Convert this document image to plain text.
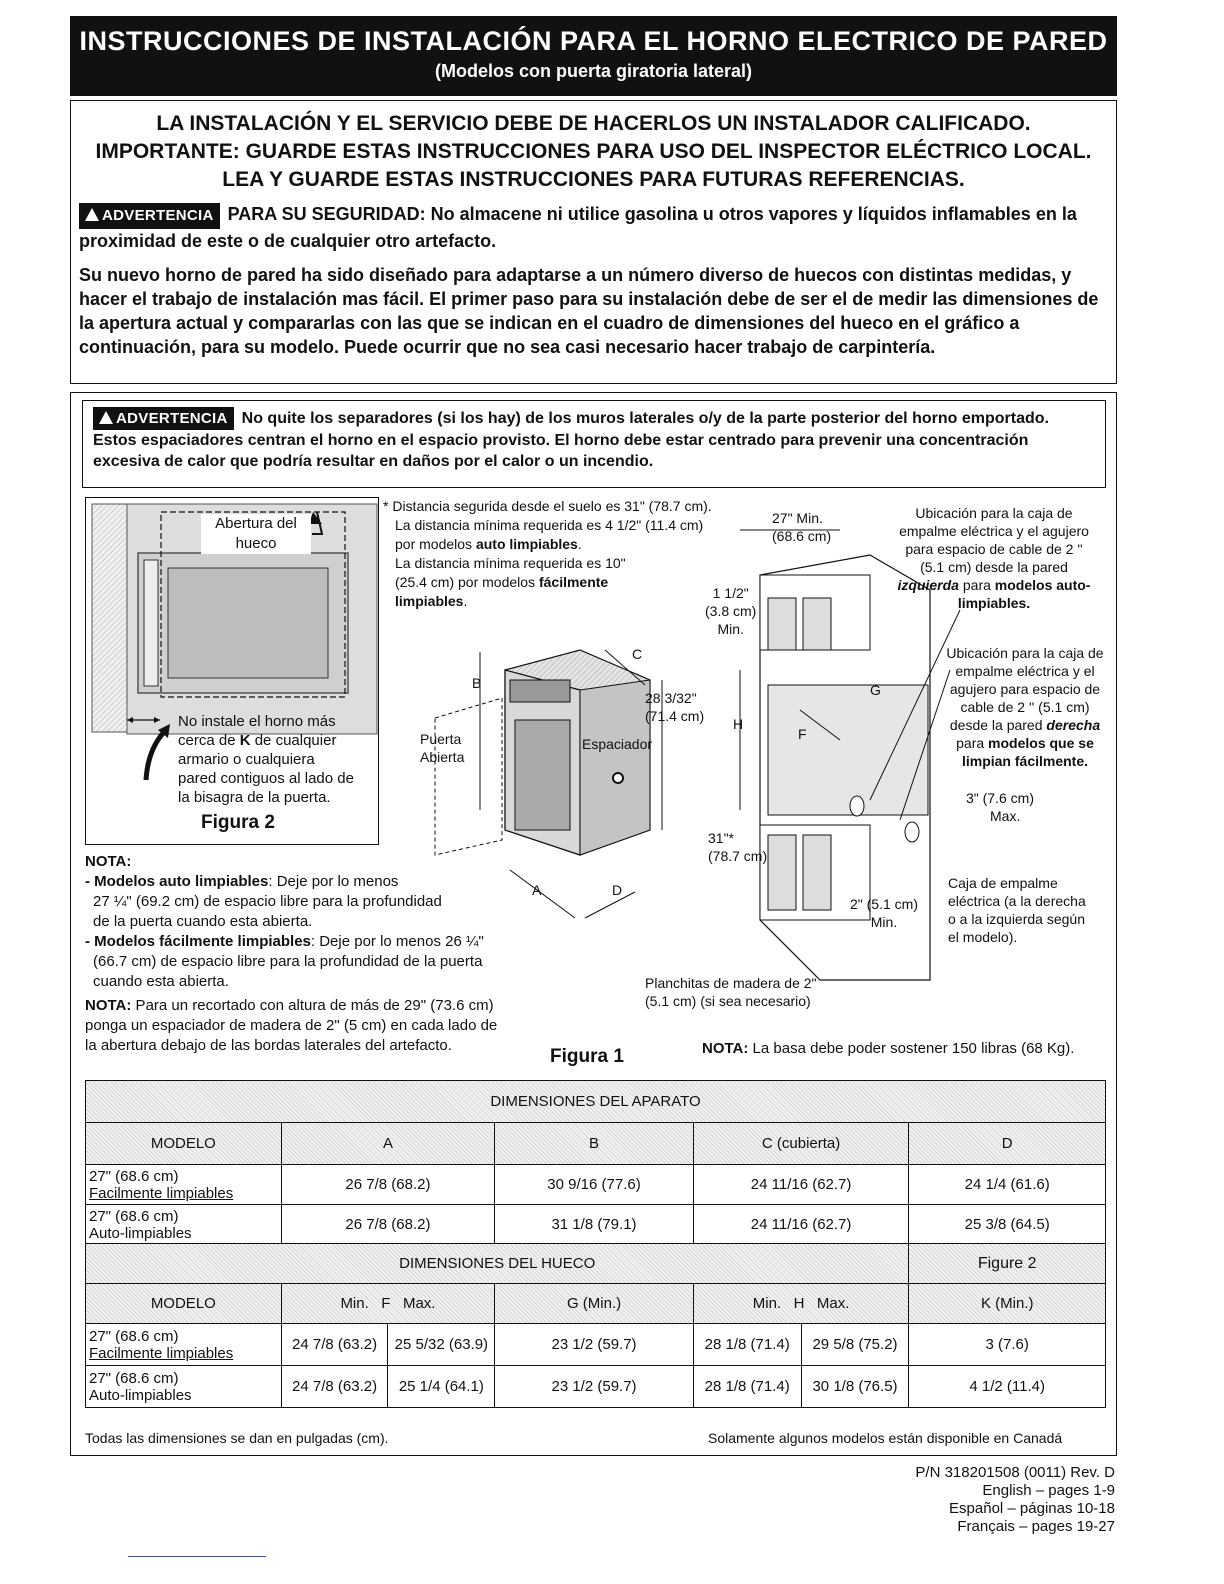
INSTRUCCIONES DE INSTALACIÓN PARA EL HORNO ELECTRICO DE PARED
(Modelos con puerta giratoria lateral)
LA INSTALACIÓN Y EL SERVICIO DEBE DE HACERLOS UN INSTALADOR CALIFICADO.
IMPORTANTE: GUARDE ESTAS INSTRUCCIONES PARA USO DEL INSPECTOR ELÉCTRICO LOCAL.
LEA Y GUARDE ESTAS INSTRUCCIONES PARA FUTURAS REFERENCIAS.
ADVERTENCIA PARA SU SEGURIDAD: No almacene ni utilice gasolina u otros vapores y líquidos inflamables en la proximidad de este o de cualquier otro artefacto.
Su nuevo horno de pared ha sido diseñado para adaptarse a un número diverso de huecos con distintas medidas, y hacer el trabajo de instalación mas fácil. El primer paso para su instalación debe de ser el de medir las dimensiones de la apertura actual y compararlas con las que se indican en el cuadro de dimensiones del hueco en el gráfico a continuación, para su modelo. Puede ocurrir que no sea casi necesario hacer trabajo de carpintería.
ADVERTENCIA No quite los separadores (si los hay) de los muros laterales o/y de la parte posterior del horno emportado. Estos espaciadores centran el horno en el espacio provisto. El horno debe estar centrado para prevenir una concentración excesiva de calor que podría resultar en daños por el calor o un incendio.
Abertura del
hueco
No instale el horno más
cerca de K de cualquier
armario o cualquiera
pared contiguos al lado de
la bisagra de la puerta.
Figura 2
* Distancia segurida desde el suelo es 31" (78.7 cm).
La distancia mínima requerida es 4 1/2" (11.4 cm)
por modelos auto limpiables.
La distancia mínima requerida es 10"
(25.4 cm) por modelos fácilmente
limpiables.
B
C
A	D
28 3/32"
(71.4 cm)
Puerta
Abierta
Espaciador
27" Min.
(68.6 cm)
1 1/2"
(3.8 cm)
Min.
H
F
G
31"*
(78.7 cm)
2" (5.1 cm)
Min.
3" (7.6 cm)
Max.
Ubicación para la caja de
empalme eléctrica y el agujero
para espacio de cable de 2 ''
(5.1 cm) desde la pared
izquierda para modelos auto-
limpiables.
Ubicación para la caja de
empalme eléctrica y el
agujero para espacio de
cable de 2 '' (5.1 cm)
desde la pared derecha
para modelos que se
limpian fácilmente.
Caja de empalme
eléctrica (a la derecha
o a la izquierda según
el modelo).
Planchitas de madera de 2"
(5.1 cm) (si sea necesario)
NOTA:
- Modelos auto limpiables: Deje por lo menos
27 ¼" (69.2 cm) de espacio libre para la profundidad
de la puerta cuando esta abierta.
- Modelos fácilmente limpiables: Deje por lo menos 26 ¼"
(66.7 cm) de espacio libre para la profundidad de la puerta
cuando esta abierta.
NOTA: Para un recortado con altura de más de 29" (73.6 cm)
ponga un espaciador de madera de 2" (5 cm) en cada lado de
la abertura debajo de las bordas laterales del artefacto.
Figura 1	NOTA: La basa debe poder sostener 150 libras (68 Kg).
DIMENSIONES DEL APARATO				
MODELO	A	B	C (cubierta)	D

27" (68.6 cm)
Facilmente limpiables	26 7/8 (68.2)	30 9/16 (77.6)	24 11/16 (62.7)	24 1/4 (61.6)

27" (68.6 cm)
Auto-limpiables	26 7/8 (68.2)	31 1/8 (79.1)	24 11/16 (62.7)	25 3/8 (64.5)
DIMENSIONES DEL HUECO						Figure 2
MODELO	Min.   F   Max.		G (Min.)	Min.   H   Max.		K (Min.)

27" (68.6 cm)
Facilmente limpiables	24 7/8 (63.2)	25 5/32 (63.9)	23 1/2 (59.7)	28 1/8 (71.4)	29 5/8 (75.2)	3 (7.6)

27" (68.6 cm)
Auto-limpiables	24 7/8 (63.2)	25 1/4 (64.1)	23 1/2 (59.7)	28 1/8 (71.4)	30 1/8 (76.5)	4 1/2 (11.4)
Todas las dimensiones se dan en pulgadas (cm).	Solamente algunos modelos están disponible en Canadá
P/N 318201508 (0011) Rev. D
English – pages 1-9
Español – páginas 10-18
Français – pages 19-27
